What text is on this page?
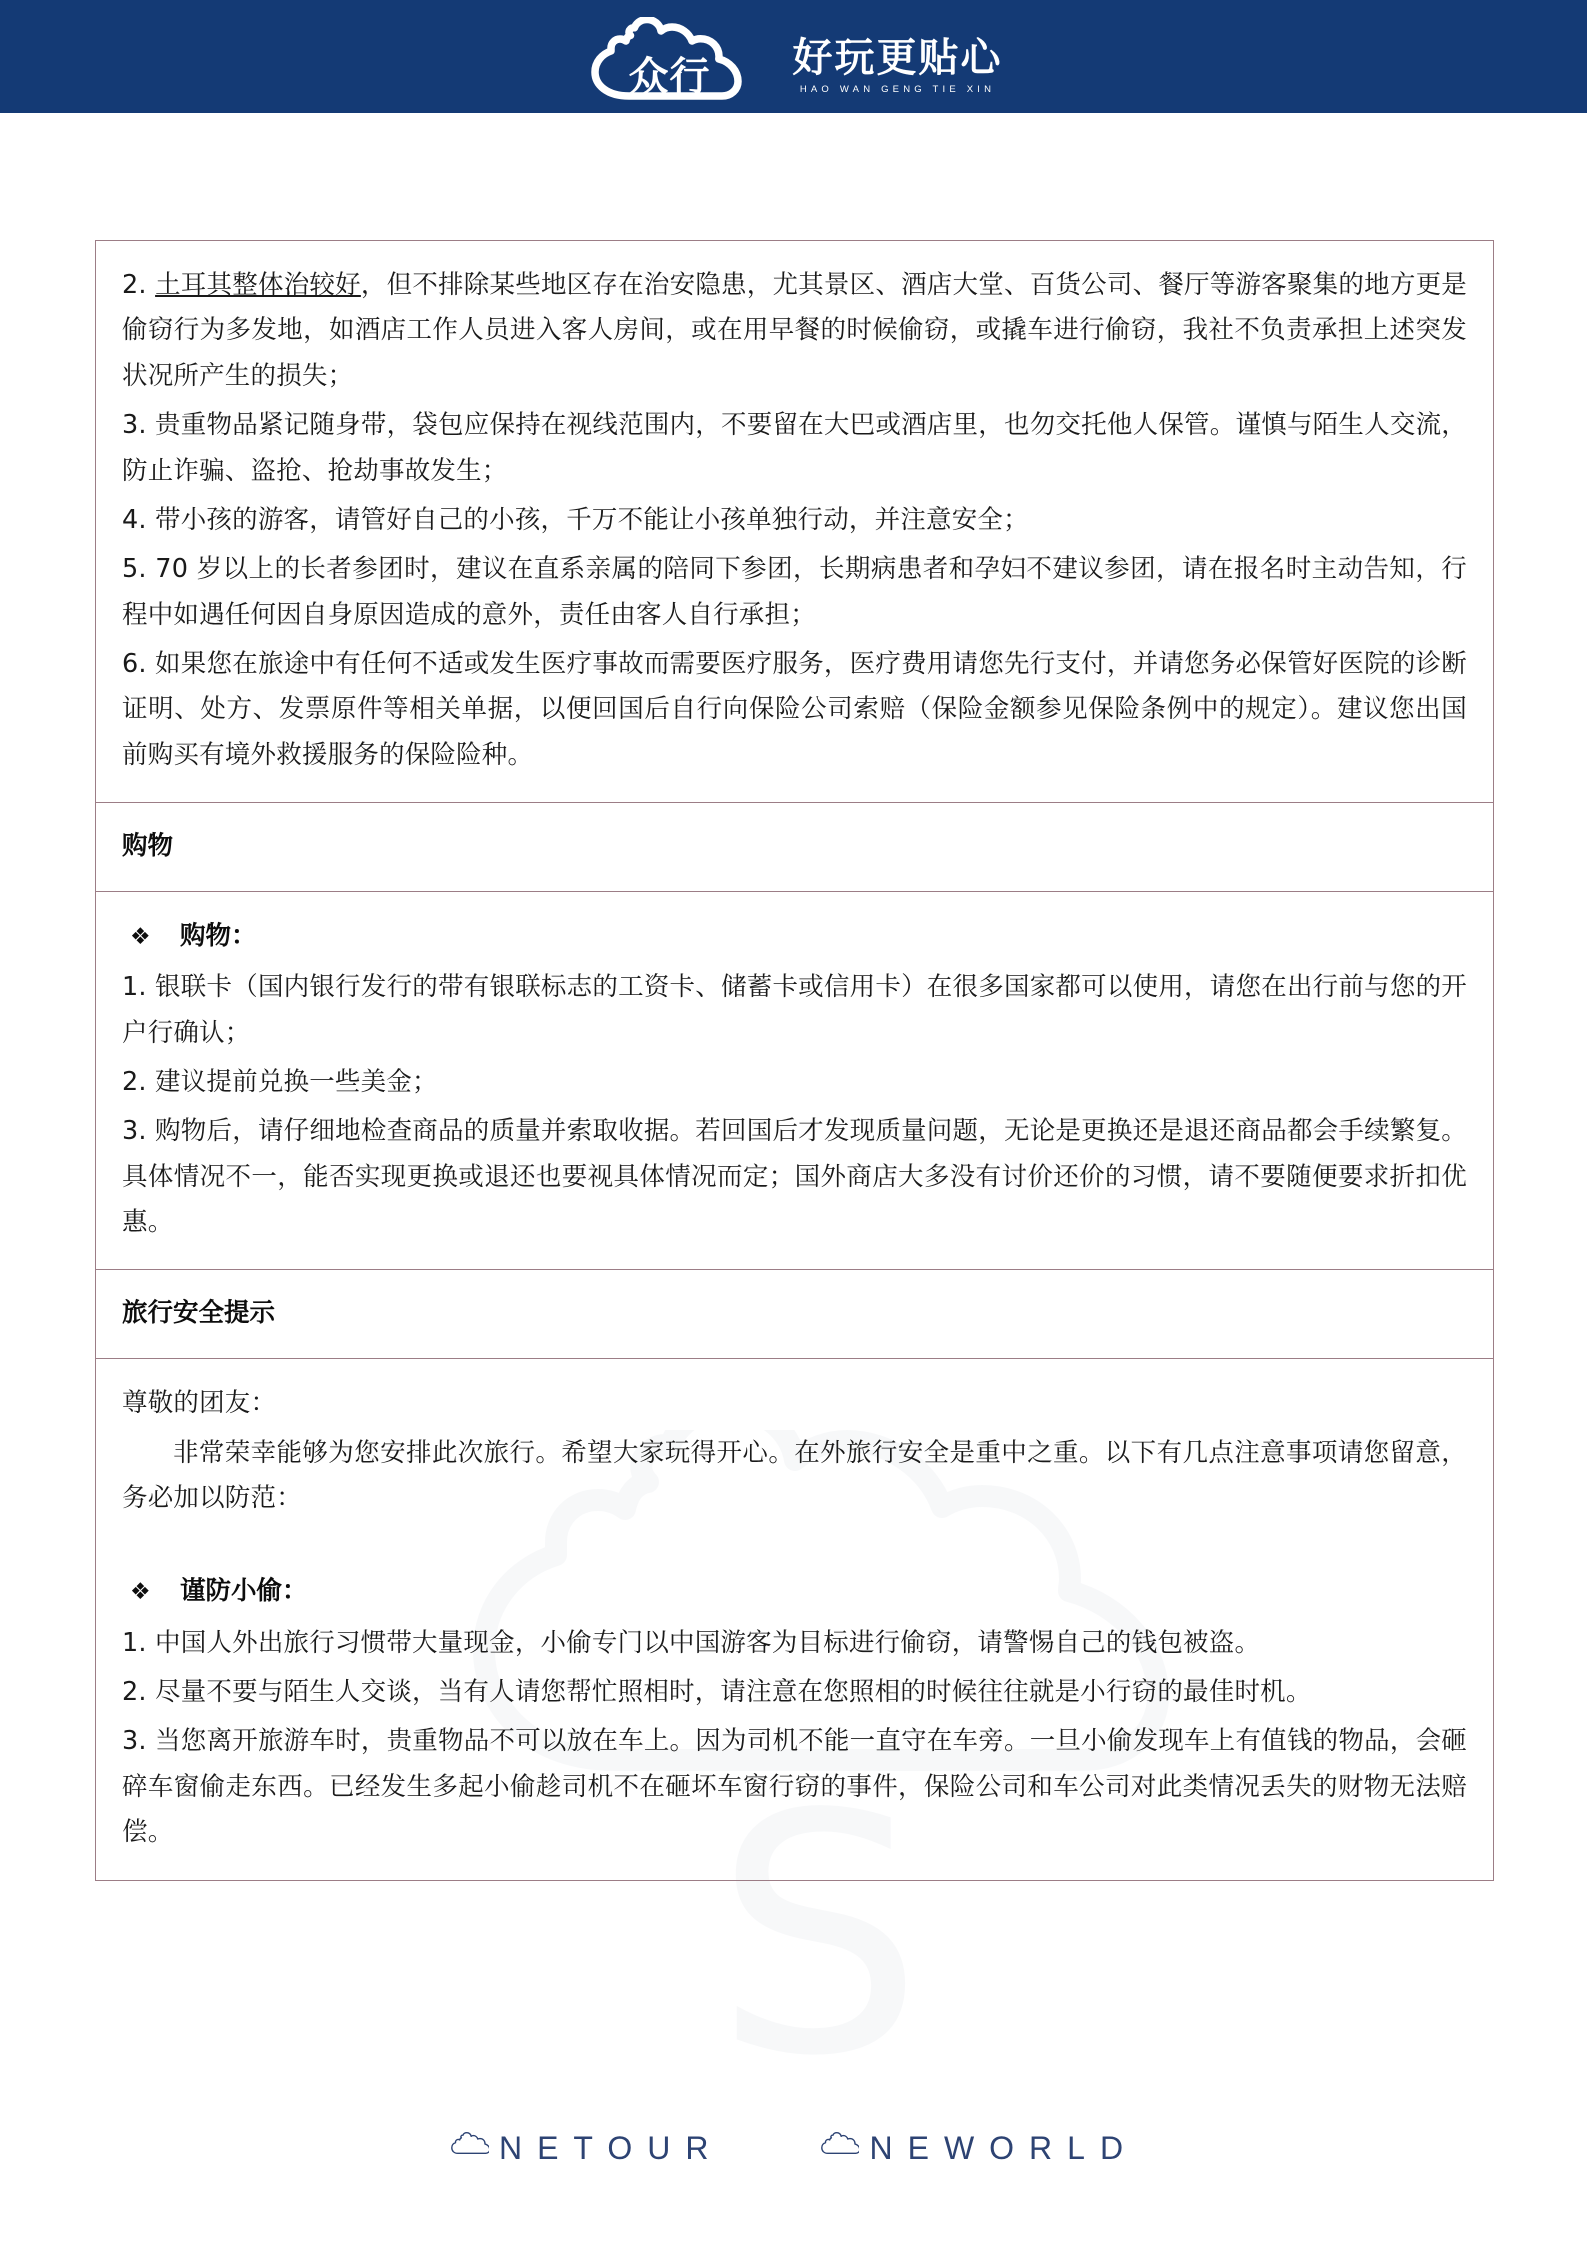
众行 好玩更贴心
HAO WAN GENG TIE XIN
S

2. 土耳其整体治较好，但不排除某些地区存在治安隐患，尤其景区、酒店大堂、百货公司、餐厅等游客聚集的地方更是偷窃行为多发地，如酒店工作人员进入客人房间，或在用早餐的时候偷窃，或撬车进行偷窃，我社不负责承担上述突发状况所产生的损失；

3. 贵重物品紧记随身带，袋包应保持在视线范围内，不要留在大巴或酒店里，也勿交托他人保管。谨慎与陌生人交流，防止诈骗、盗抢、抢劫事故发生；

4. 带小孩的游客，请管好自己的小孩，千万不能让小孩单独行动，并注意安全；

5. 70 岁以上的长者参团时，建议在直系亲属的陪同下参团，长期病患者和孕妇不建议参团，请在报名时主动告知，行程中如遇任何因自身原因造成的意外，责任由客人自行承担；

6. 如果您在旅途中有任何不适或发生医疗事故而需要医疗服务，医疗费用请您先行支付，并请您务必保管好医院的诊断证明、处方、发票原件等相关单据，以便回国后自行向保险公司索赔（保险金额参见保险条例中的规定）。建议您出国前购买有境外救援服务的保险险种。

购物
❖	购物：

1. 银联卡（国内银行发行的带有银联标志的工资卡、储蓄卡或信用卡）在很多国家都可以使用，请您在出行前与您的开户行确认；

2. 建议提前兑换一些美金；

3. 购物后，请仔细地检查商品的质量并索取收据。若回国后才发现质量问题，无论是更换还是退还商品都会手续繁复。具体情况不一，能否实现更换或退还也要视具体情况而定；国外商店大多没有讨价还价的习惯，请不要随便要求折扣优惠。

旅行安全提示

尊敬的团友：

非常荣幸能够为您安排此次旅行。希望大家玩得开心。在外旅行安全是重中之重。以下有几点注意事项请您留意，务必加以防范：

❖	谨防小偷：

1. 中国人外出旅行习惯带大量现金，小偷专门以中国游客为目标进行偷窃，请警惕自己的钱包被盗。

2. 尽量不要与陌生人交谈，当有人请您帮忙照相时，请注意在您照相的时候往往就是小行窃的最佳时机。

3. 当您离开旅游车时，贵重物品不可以放在车上。因为司机不能一直守在车旁。一旦小偷发现车上有值钱的物品，会砸碎车窗偷走东西。已经发生多起小偷趁司机不在砸坏车窗行窃的事件，保险公司和车公司对此类情况丢失的财物无法赔偿。

NETOUR	NEWORLD
